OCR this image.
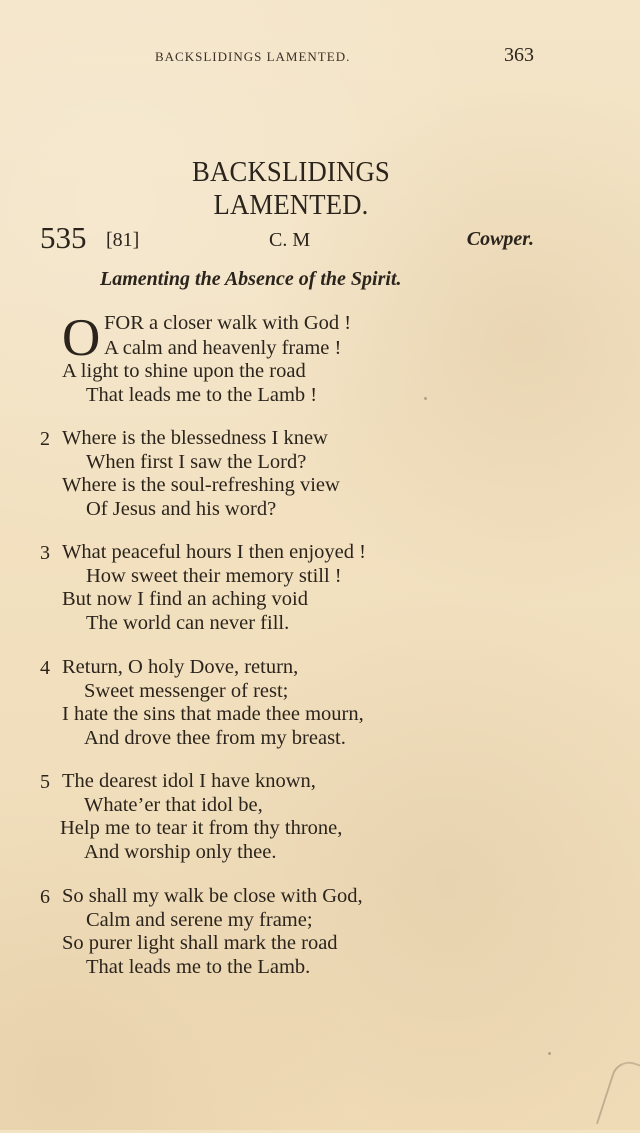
BACKSLIDINGS LAMENTED.	363
BACKSLIDINGS LAMENTED.
535 [81]	C. M	Cowper.
Lamenting the Absence of the Spirit.
O FOR a closer walk with God !
A calm and heavenly frame !
A light to shine upon the road
That leads me to the Lamb !
2 Where is the blessedness I knew
When first I saw the Lord?
Where is the soul-refreshing view
Of Jesus and his word?
3 What peaceful hours I then enjoyed !
How sweet their memory still !
But now I find an aching void
The world can never fill.
4 Return, O holy Dove, return,
Sweet messenger of rest;
I hate the sins that made thee mourn,
And drove thee from my breast.
5 The dearest idol I have known,
Whate’er that idol be,
Help me to tear it from thy throne,
And worship only thee.
6 So shall my walk be close with God,
Calm and serene my frame;
So purer light shall mark the road
That leads me to the Lamb.
